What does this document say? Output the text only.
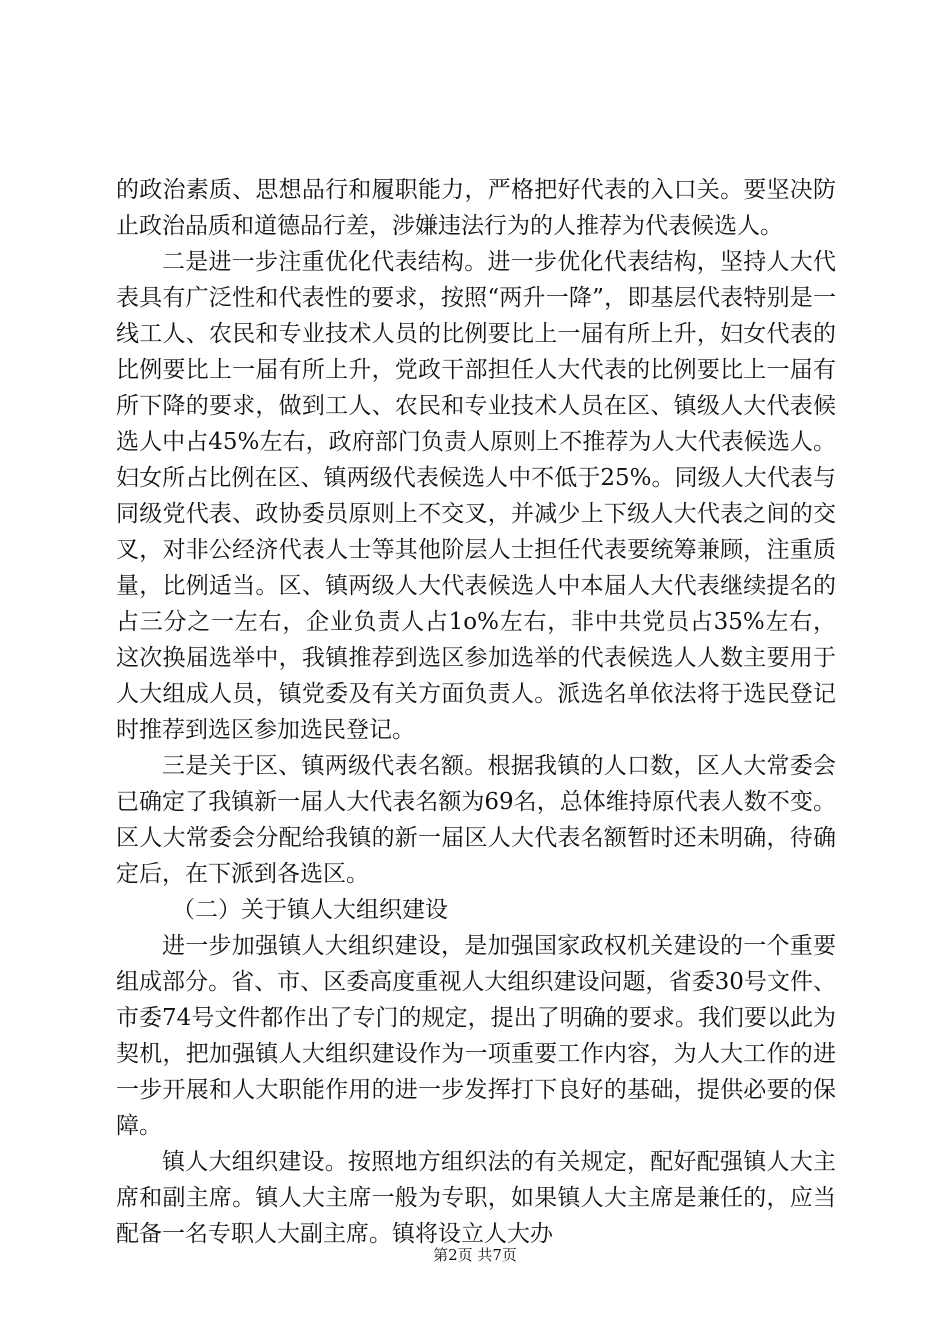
的政治素质、思想品行和履职能力，严格把好代表的入口关。要坚决防止政治品质和道德品行差，涉嫌违法行为的人推荐为代表候选人。

二是进一步注重优化代表结构。进一步优化代表结构，坚持人大代表具有广泛性和代表性的要求，按照“两升一降”，即基层代表特别是一线工人、农民和专业技术人员的比例要比上一届有所上升，妇女代表的比例要比上一届有所上升，党政干部担任人大代表的比例要比上一届有所下降的要求，做到工人、农民和专业技术人员在区、镇级人大代表候选人中占45%左右，政府部门负责人原则上不推荐为人大代表候选人。妇女所占比例在区、镇两级代表候选人中不低于25%。同级人大代表与同级党代表、政协委员原则上不交叉，并减少上下级人大代表之间的交叉，对非公经济代表人士等其他阶层人士担任代表要统筹兼顾，注重质量，比例适当。区、镇两级人大代表候选人中本届人大代表继续提名的占三分之一左右，企业负责人占1o%左右，非中共党员占35%左右，这次换届选举中，我镇推荐到选区参加选举的代表候选人人数主要用于人大组成人员，镇党委及有关方面负责人。派选名单依法将于选民登记时推荐到选区参加选民登记。

三是关于区、镇两级代表名额。根据我镇的人口数，区人大常委会已确定了我镇新一届人大代表名额为69名，总体维持原代表人数不变。区人大常委会分配给我镇的新一届区人大代表名额暂时还未明确，待确定后，在下派到各选区。

（二）关于镇人大组织建设

进一步加强镇人大组织建设，是加强国家政权机关建设的一个重要组成部分。省、市、区委高度重视人大组织建设问题，省委30号文件、市委74号文件都作出了专门的规定，提出了明确的要求。我们要以此为契机，把加强镇人大组织建设作为一项重要工作内容，为人大工作的进一步开展和人大职能作用的进一步发挥打下良好的基础，提供必要的保障。

镇人大组织建设。按照地方组织法的有关规定，配好配强镇人大主席和副主席。镇人大主席一般为专职，如果镇人大主席是兼任的，应当配备一名专职人大副主席。镇将设立人大办

第2页 共7页
